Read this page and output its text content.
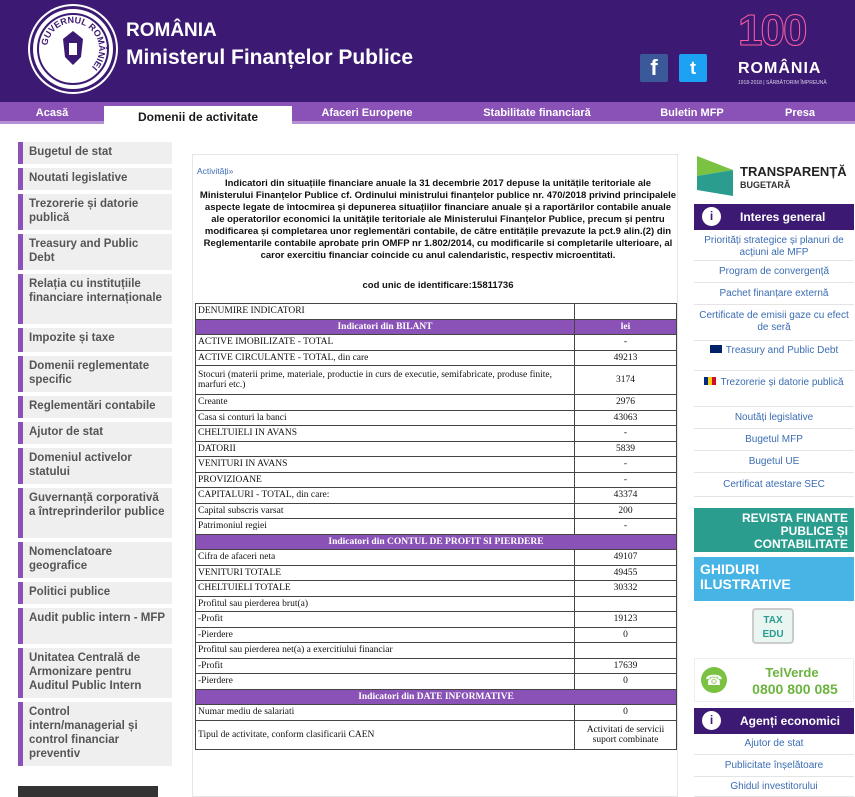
GUVERNUL ROMÂNIEI
ROMÂNIA
Ministerul Finanțelor Publice	f	t
100
ROMÂNIA
1918-2018 | SĂRBĂTORIM ÎMPREUNĂ
Acasă	Domenii de activitate	Afaceri Europene	Stabilitate financiară	Buletin MFP	Presa
Bugetul de stat
Noutati legislative
Trezorerie și datorie publică
Treasury and Public Debt
Relația cu instituțiile financiare internaționale
Impozite și taxe
Domenii reglementate specific
Reglementări contabile
Ajutor de stat
Domeniul activelor statului
Guvernanță corporativă a întreprinderilor publice
Nomenclatoare geografice
Politici publice
Audit public intern - MFP
Unitatea Centrală de Armonizare pentru Auditul Public Intern
Control intern/managerial și control financiar preventiv
Activități»
Indicatori din situațiile financiare anuale la 31 decembrie 2017 depuse la unitățile teritoriale ale Ministerului Finanțelor Publice cf. Ordinului ministrului finanțelor publice nr. 470/2018 privind principalele aspecte legate de întocmirea și depunerea situațiilor financiare anuale și a raportărilor contabile anuale ale operatorilor economici la unitățile teritoriale ale Ministerului Finanțelor Publice, precum și pentru modificarea și completarea unor reglementări contabile, de către entitățile prevazute la pct.9 alin.(2) din Reglementarile contabile aprobate prin OMFP nr 1.802/2014, cu modificarile si completarile ulterioare, al caror exercitiu financiar coincide cu anul calendaristic, respectiv microentitati.
cod unic de identificare:15811736
DENUMIRE INDICATORI	
Indicatori din BILANT	lei
ACTIVE IMOBILIZATE - TOTAL	-
ACTIVE CIRCULANTE - TOTAL, din care	49213
Stocuri (materii prime, materiale, productie in curs de executie, semifabricate, produse finite, marfuri etc.)	3174
Creante	2976
Casa si conturi la banci	43063
CHELTUIELI IN AVANS	-
DATORII	5839
VENITURI IN AVANS	-
PROVIZIOANE	-
CAPITALURI - TOTAL, din care:	43374
Capital subscris varsat	200
Patrimoniul regiei	-
Indicatori din CONTUL DE PROFIT SI PIERDERE	
Cifra de afaceri neta	49107
VENITURI TOTALE	49455
CHELTUIELI TOTALE	30332
Profitul sau pierderea brut(a)	
-Profit	19123
-Pierdere	0
Profitul sau pierderea net(a) a exercitiului financiar	
-Profit	17639
-Pierdere	0
Indicatori din DATE INFORMATIVE	
Numar mediu de salariati	0
Tipul de activitate, conform clasificarii CAEN	Activitati de servicii suport combinate
TRANSPARENȚĂ
BUGETARĂ
i	Interes general
Priorități strategice și planuri de acțiuni ale MFP
Program de convergență
Pachet finanțare externă
Certificate de emisii gaze cu efect de seră
Treasury and Public Debt
Trezorerie și datorie publică
Noutăți legislative
Bugetul MFP
Bugetul UE
Certificat atestare SEC
REVISTA FINANTE PUBLICE ȘI CONTABILITATE
GHIDURI ILUSTRATIVE
TAX EDU
☎	TelVerde
0800 800 085
i	Agenți economici
Ajutor de stat
Publicitate înșelătoare
Ghidul investitorului
